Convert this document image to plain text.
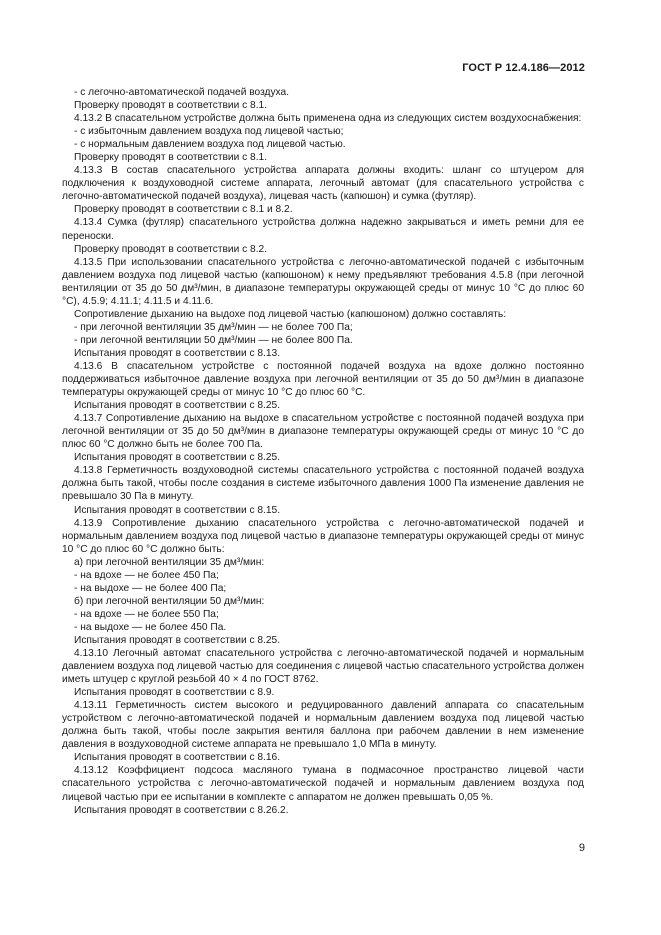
ГОСТ Р 12.4.186—2012

- с легочно-автоматической подачей воздуха.

Проверку проводят в соответствии с 8.1.

4.13.2 В спасательном устройстве должна быть применена одна из следующих систем воздухоснабжения:

- с избыточным давлением воздуха под лицевой частью;

- с нормальным давлением воздуха под лицевой частью.

Проверку проводят в соответствии с 8.1.

4.13.3 В состав спасательного устройства аппарата должны входить: шланг со штуцером для подключения к воздуховодной системе аппарата, легочный автомат (для спасательного устройства с легочно-автоматической подачей воздуха), лицевая часть (капюшон) и сумка (футляр).

Проверку проводят в соответствии с 8.1 и 8.2.

4.13.4 Сумка (футляр) спасательного устройства должна надежно закрываться и иметь ремни для ее переноски.

Проверку проводят в соответствии с 8.2.

4.13.5 При использовании спасательного устройства с легочно-автоматической подачей с избыточным давлением воздуха под лицевой частью (капюшоном) к нему предъявляют требования 4.5.8 (при легочной вентиляции от 35 до 50 дм³/мин, в диапазоне температуры окружающей среды от минус 10 °С до плюс 60 °С), 4.5.9; 4.11.1; 4.11.5 и 4.11.6.

Сопротивление дыханию на выдохе под лицевой частью (капюшоном) должно составлять:

- при легочной вентиляции 35 дм³/мин — не более 700 Па;

- при легочной вентиляции 50 дм³/мин — не более 800 Па.

Испытания проводят в соответствии с 8.13.

4.13.6 В спасательном устройстве с постоянной подачей воздуха на вдохе должно постоянно поддерживаться избыточное давление воздуха при легочной вентиляции от 35 до 50 дм³/мин в диапазоне температуры окружающей среды от минус 10 °С до плюс 60 °С.

Испытания проводят в соответствии с 8.25.

4.13.7 Сопротивление дыханию на выдохе в спасательном устройстве с постоянной подачей воздуха при легочной вентиляции от 35 до 50 дм³/мин в диапазоне температуры окружающей среды от минус 10 °С до плюс 60 °С должно быть не более 700 Па.

Испытания проводят в соответствии с 8.25.

4.13.8 Герметичность воздуховодной системы спасательного устройства с постоянной подачей воздуха должна быть такой, чтобы после создания в системе избыточного давления 1000 Па изменение давления не превышало 30 Па в минуту.

Испытания проводят в соответствии с 8.15.

4.13.9 Сопротивление дыханию спасательного устройства с легочно-автоматической подачей и нормальным давлением воздуха под лицевой частью в диапазоне температуры окружающей среды от минус 10 °С до плюс 60 °С должно быть:

а) при легочной вентиляции 35 дм³/мин:

- на вдохе — не более 450 Па;

- на выдохе — не более 400 Па;

б) при легочной вентиляции 50 дм³/мин:

- на вдохе — не более 550 Па;

- на выдохе — не более 450 Па.

Испытания проводят в соответствии с 8.25.

4.13.10 Легочный автомат спасательного устройства с легочно-автоматической подачей и нормальным давлением воздуха под лицевой частью для соединения с лицевой частью спасательного устройства должен иметь штуцер с круглой резьбой 40 × 4 по ГОСТ 8762.

Испытания проводят в соответствии с 8.9.

4.13.11 Герметичность систем высокого и редуцированного давлений аппарата со спасательным устройством с легочно-автоматической подачей и нормальным давлением воздуха под лицевой частью должна быть такой, чтобы после закрытия вентиля баллона при рабочем давлении в нем изменение давления в воздуховодной системе аппарата не превышало 1,0 МПа в минуту.

Испытания проводят в соответствии с 8.16.

4.13.12 Коэффициент подсоса масляного тумана в подмасочное пространство лицевой части спасательного устройства с легочно-автоматической подачей и нормальным давлением воздуха под лицевой частью при ее испытании в комплекте с аппаратом не должен превышать 0,05 %.

Испытания проводят в соответствии с 8.26.2.

9
